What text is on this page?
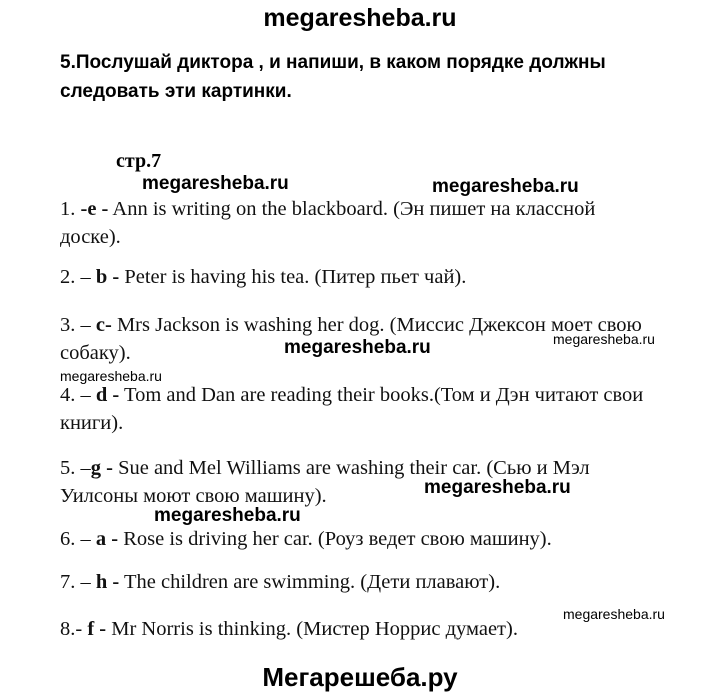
megaresheba.ru
5.Послушай диктора , и напиши, в каком порядке должны следовать эти картинки.
стр.7
megaresheba.ru	megaresheba.ru
megaresheba.ru
megaresheba.ru
megaresheba.ru
megaresheba.ru
megaresheba.ru
megaresheba.ru
1. -e - Ann is writing on the blackboard. (Эн пишет на классной
доске).
2. – b - Peter is having his tea. (Питер пьет чай).
3. – c- Mrs Jackson is washing her dog. (Миссис Джексон моет свою
собаку).
4. – d - Tom and Dan are reading their books.(Том и Дэн читают свои
книги).
5. –g - Sue and Mel Williams are washing their car. (Сью и Мэл
Уилсоны моют свою машину).
6. – a - Rose is driving her car. (Роуз ведет свою машину).
7. – h - The children are swimming. (Дети плавают).
8.- f - Mr Norris is thinking. (Мистер Норрис думает).
Мегарешеба.ру
